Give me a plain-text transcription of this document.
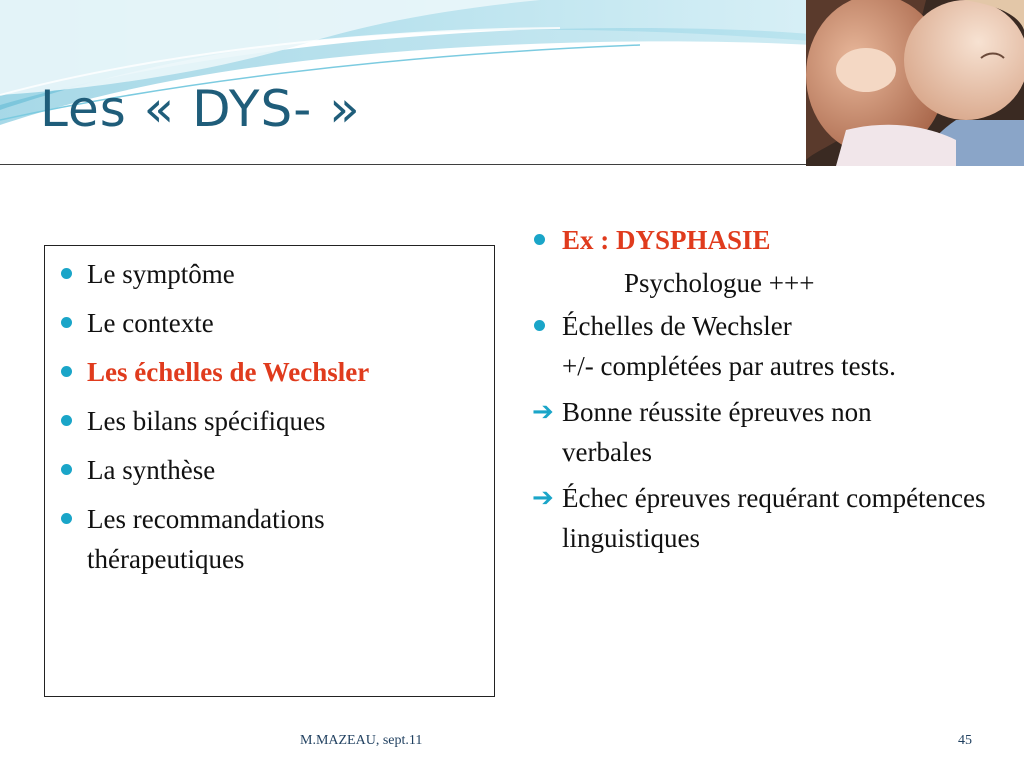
Les « DYS- »
Le symptôme
Le contexte
Les échelles de Wechsler
Les bilans spécifiques
La synthèse
Les recommandations thérapeutiques
Ex : DYSPHASIE
Psychologue +++
Échelles de Wechsler
+/- complétées par autres tests.
➔ Bonne réussite épreuves non verbales
➔ Échec épreuves requérant compétences linguistiques
M.MAZEAU, sept.11	45
